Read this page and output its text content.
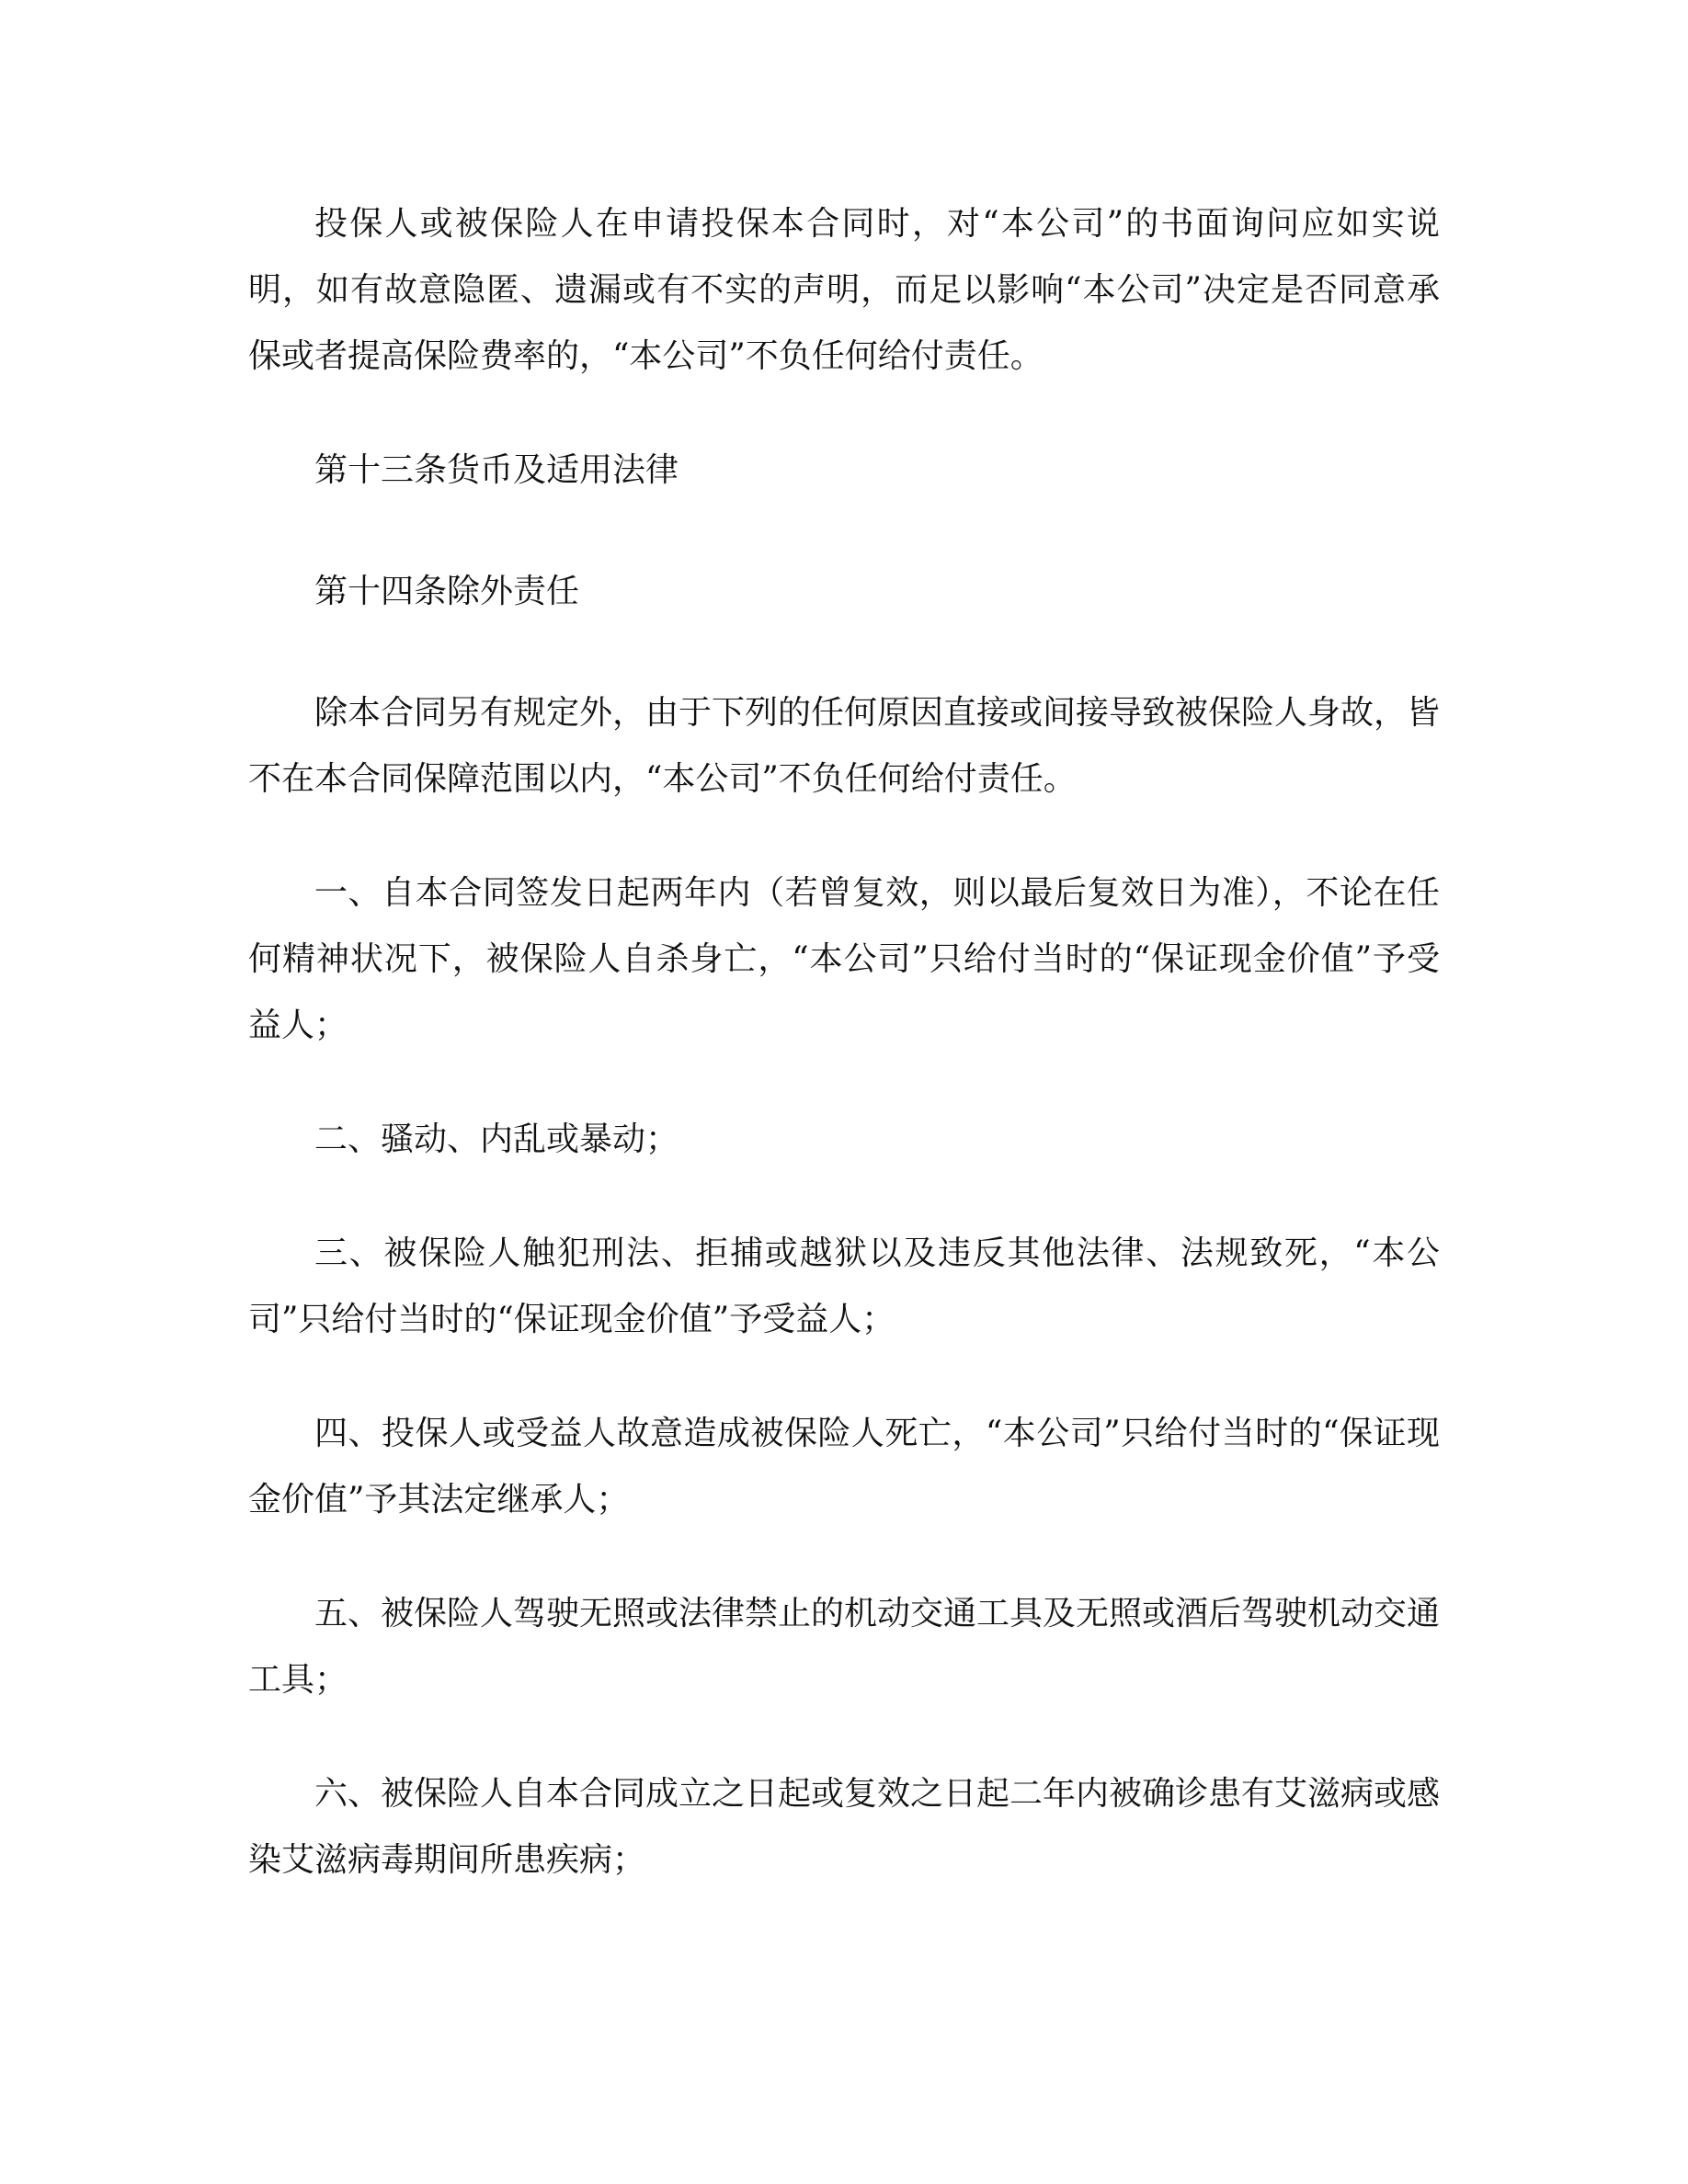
投保人或被保险人在申请投保本合同时，对“本公司”的书面询问应如实说明，如有故意隐匿、遗漏或有不实的声明，而足以影响“本公司”决定是否同意承保或者提高保险费率的，“本公司”不负任何给付责任。

第十三条货币及适用法律

第十四条除外责任

除本合同另有规定外，由于下列的任何原因直接或间接导致被保险人身故，皆不在本合同保障范围以内，“本公司”不负任何给付责任。

一、自本合同签发日起两年内（若曾复效，则以最后复效日为准），不论在任何精神状况下，被保险人自杀身亡，“本公司”只给付当时的“保证现金价值”予受益人；

二、骚动、内乱或暴动；

三、被保险人触犯刑法、拒捕或越狱以及违反其他法律、法规致死，“本公司”只给付当时的“保证现金价值”予受益人；

四、投保人或受益人故意造成被保险人死亡，“本公司”只给付当时的“保证现金价值”予其法定继承人；

五、被保险人驾驶无照或法律禁止的机动交通工具及无照或酒后驾驶机动交通工具；

六、被保险人自本合同成立之日起或复效之日起二年内被确诊患有艾滋病或感染艾滋病毒期间所患疾病；
